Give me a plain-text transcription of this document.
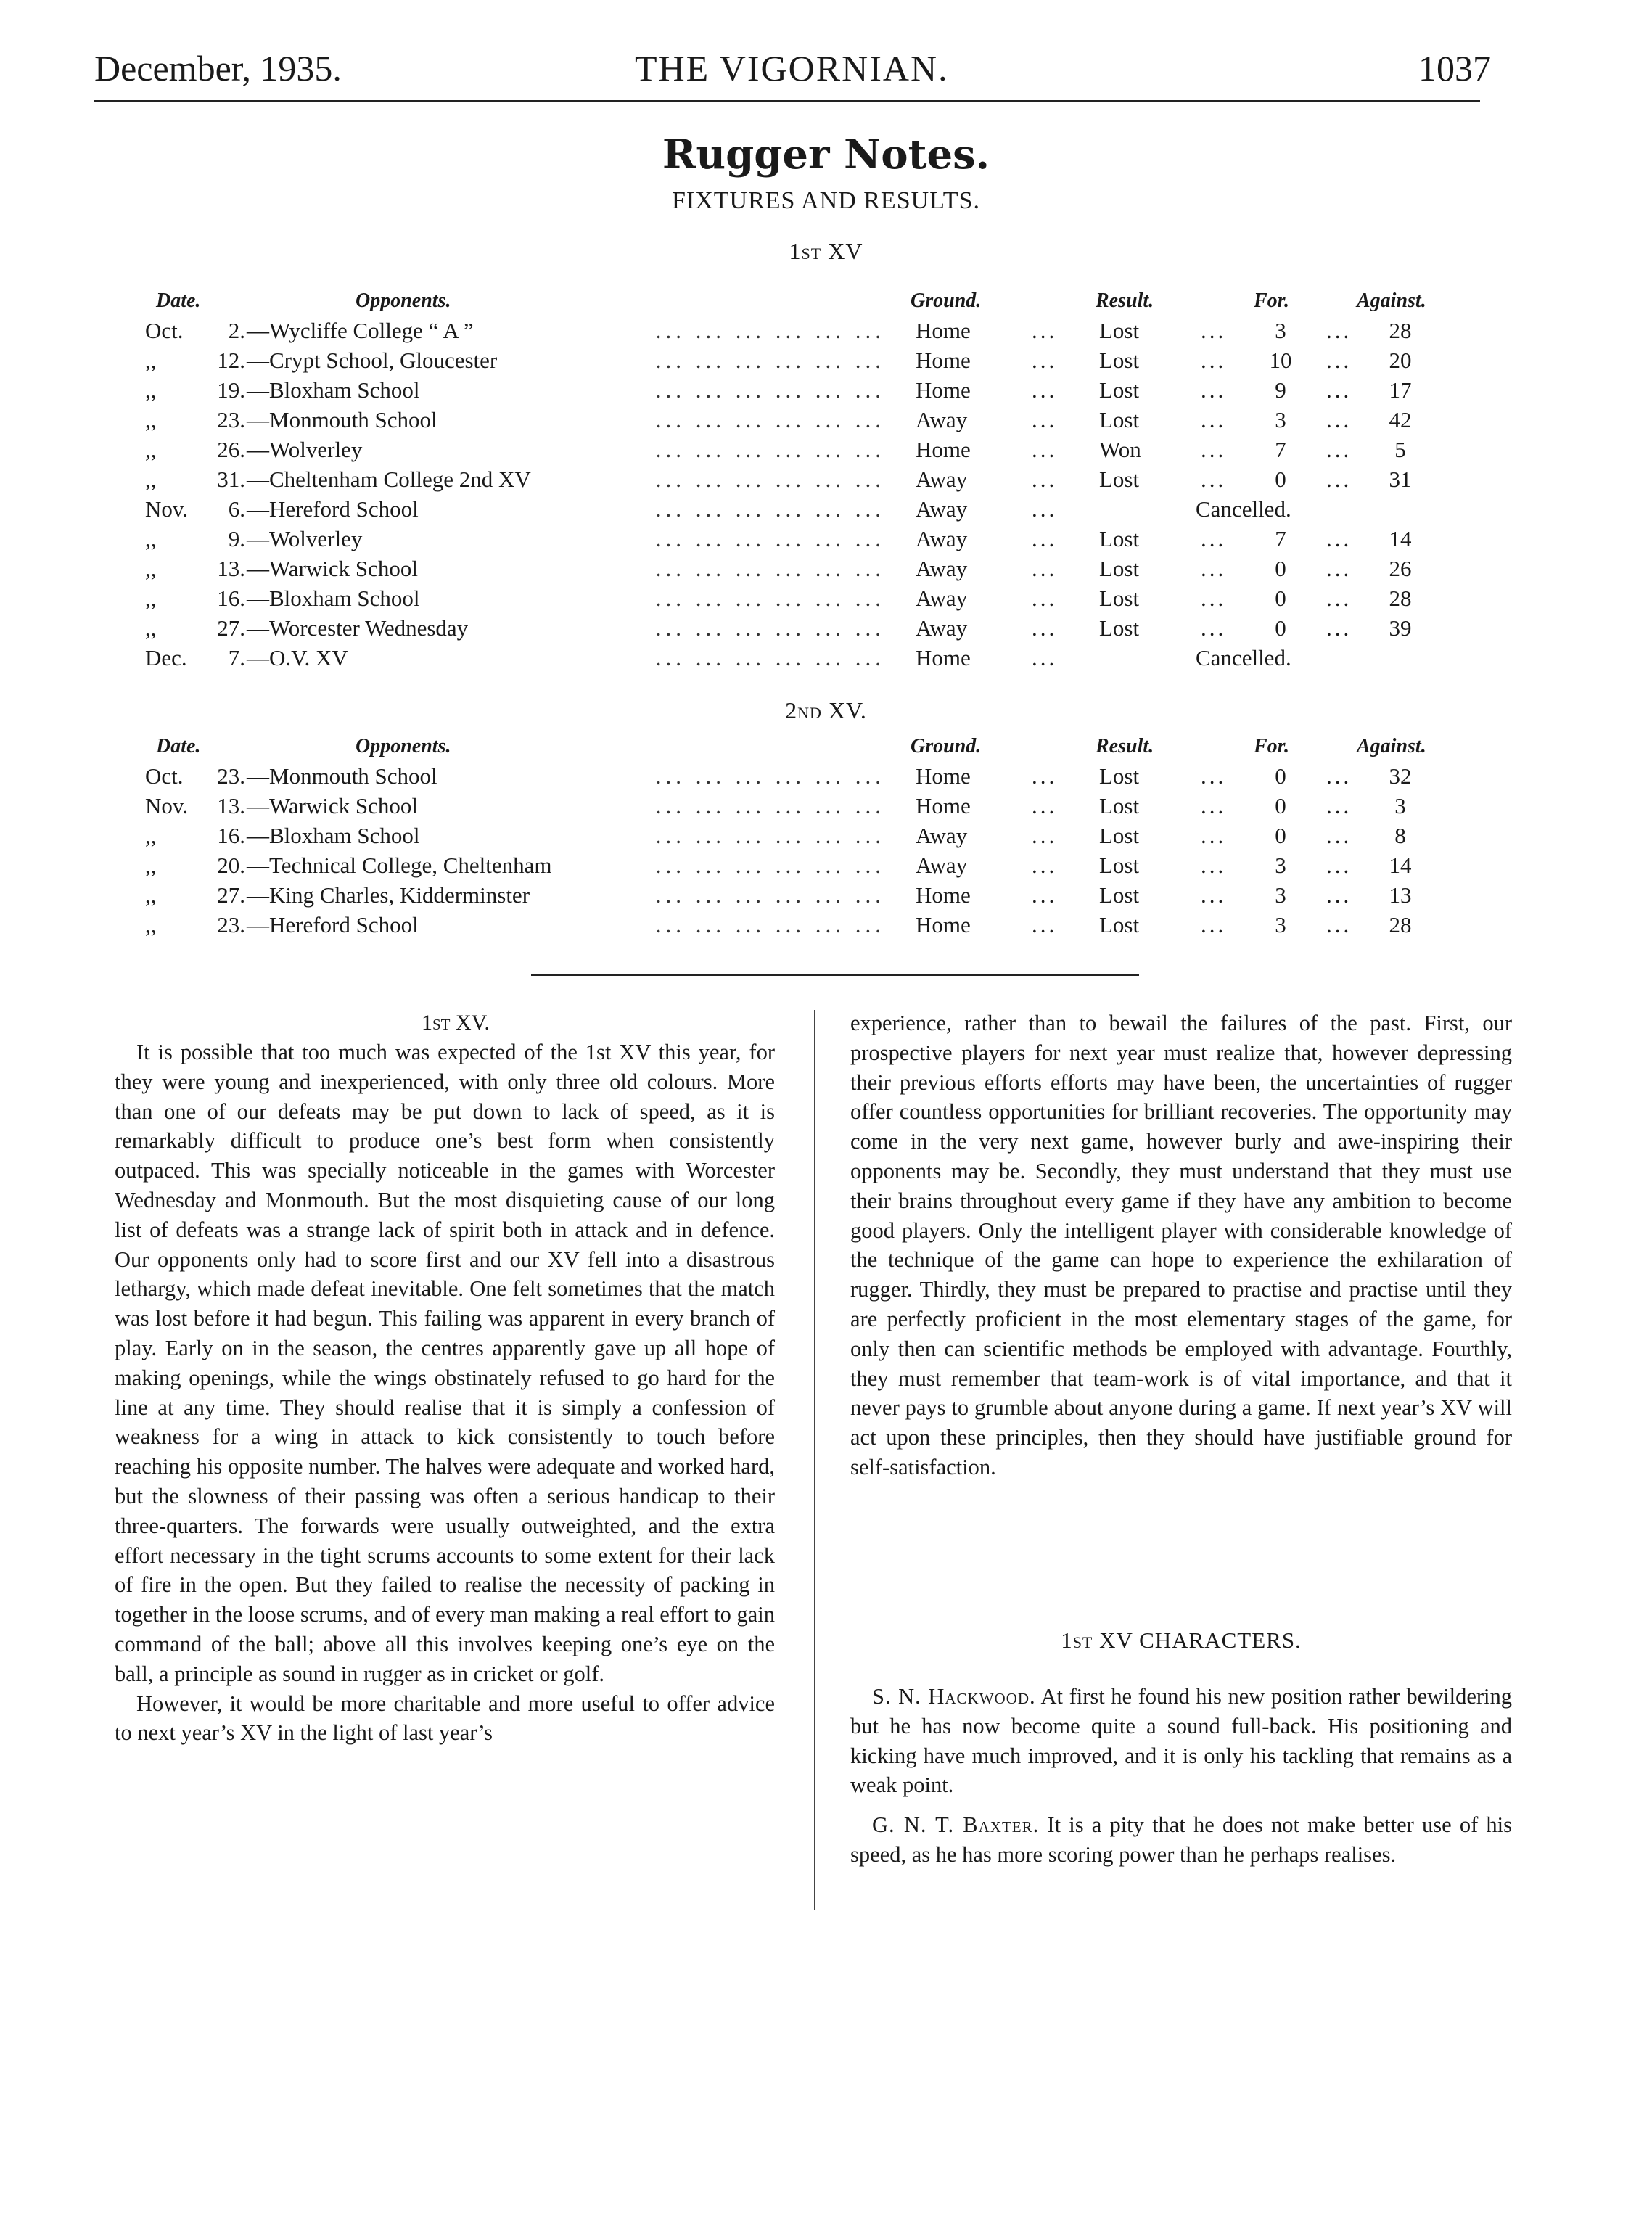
December, 1935.	THE VIGORNIAN.	1037
Rugger Notes.
FIXTURES AND RESULTS.
1st XV
Date.	Opponents.	Ground.	Result.	For.	Against.
Oct.	2. —Wycliffe College “ A ”	... ... ... ... ... ... Home	... Lost	...	3	...	28
,,	12. —Crypt School, Gloucester	... ... ... ... ... ... Home	... Lost	...	10	...	20
,,	19. —Bloxham School	... ... ... ... ... ... Home	... Lost	...	9	...	17
,,	23. —Monmouth School	... ... ... ... ... ... Away	... Lost	...	3	...	42
,,	26. —Wolverley	... ... ... ... ... ... Home	... Won	...	7	...	5
,,	31. —Cheltenham College 2nd XV	... ... ... ... ... ... Away	... Lost	...	0	...	31
Nov.	6. —Hereford School	... ... ... ... ... ... Away	...	Cancelled.
,,	9. —Wolverley	... ... ... ... ... ... Away	... Lost	...	7	...	14
,,	13. —Warwick School	... ... ... ... ... ... Away	... Lost	...	0	...	26
,,	16. —Bloxham School	... ... ... ... ... ... Away	... Lost	...	0	...	28
,,	27. —Worcester Wednesday	... ... ... ... ... ... Away	... Lost	...	0	...	39
Dec.	7. —O.V. XV	... ... ... ... ... ... Home	...	Cancelled.
2nd XV.
Date.	Opponents.	Ground.	Result.	For.	Against.
Oct.	23. —Monmouth School	... ... ... ... ... ... Home	... Lost	...	0	...	32
Nov.	13. —Warwick School	... ... ... ... ... ... Home	... Lost	...	0	...	3
,,	16. —Bloxham School	... ... ... ... ... ... Away	... Lost	...	0	...	8
,,	20. —Technical College, Cheltenham	... ... ... ... ... ... Away	... Lost	...	3	...	14
,,	27. —King Charles, Kidderminster	... ... ... ... ... ... Home	... Lost	...	3	...	13
,,	23. —Hereford School	... ... ... ... ... ... Home	... Lost	...	3	...	28

1st XV.

It is possible that too much was expected of the 1st XV this year, for they were young and inexperienced, with only three old colours. More than one of our defeats may be put down to lack of speed, as it is remarkably difficult to produce one’s best form when consistently outpaced. This was specially noticeable in the games with Worcester Wednesday and Monmouth. But the most disquieting cause of our long list of defeats was a strange lack of spirit both in attack and in defence. Our opponents only had to score first and our XV fell into a disastrous lethargy, which made defeat inevitable. One felt sometimes that the match was lost before it had begun. This failing was apparent in every branch of play. Early on in the season, the centres apparently gave up all hope of making openings, while the wings obstinately refused to go hard for the line at any time. They should realise that it is simply a confession of weakness for a wing in attack to kick consistently to touch before reaching his opposite number. The halves were adequate and worked hard, but the slowness of their passing was often a serious handicap to their three-quarters. The forwards were usually outweighted, and the extra effort necessary in the tight scrums accounts to some extent for their lack of fire in the open. But they failed to realise the necessity of packing in together in the loose scrums, and of every man making a real effort to gain command of the ball; above all this involves keeping one’s eye on the ball, a principle as sound in rugger as in cricket or golf.

However, it would be more charitable and more useful to offer advice to next year’s XV in the light of last year’s

experience, rather than to bewail the failures of the past. First, our prospective players for next year must realize that, however depressing their previous efforts efforts may have been, the uncertainties of rugger offer countless opportunities for brilliant recoveries. The opportunity may come in the very next game, however burly and awe-inspiring their opponents may be. Secondly, they must understand that they must use their brains throughout every game if they have any ambition to become good players. Only the intelligent player with considerable knowledge of the technique of the game can hope to experience the exhilaration of rugger. Thirdly, they must be prepared to practise and practise until they are perfectly proficient in the most elementary stages of the game, for only then can scientific methods be employed with advantage. Fourthly, they must remember that team-work is of vital importance, and that it never pays to grumble about anyone during a game. If next year’s XV will act upon these principles, then they should have justifiable ground for self-satisfaction.

1st XV CHARACTERS.

S. N. Hackwood. At first he found his new position rather bewildering but he has now become quite a sound full-back. His positioning and kicking have much improved, and it is only his tackling that remains as a weak point.

G. N. T. Baxter. It is a pity that he does not make better use of his speed, as he has more scoring power than he perhaps realises.
